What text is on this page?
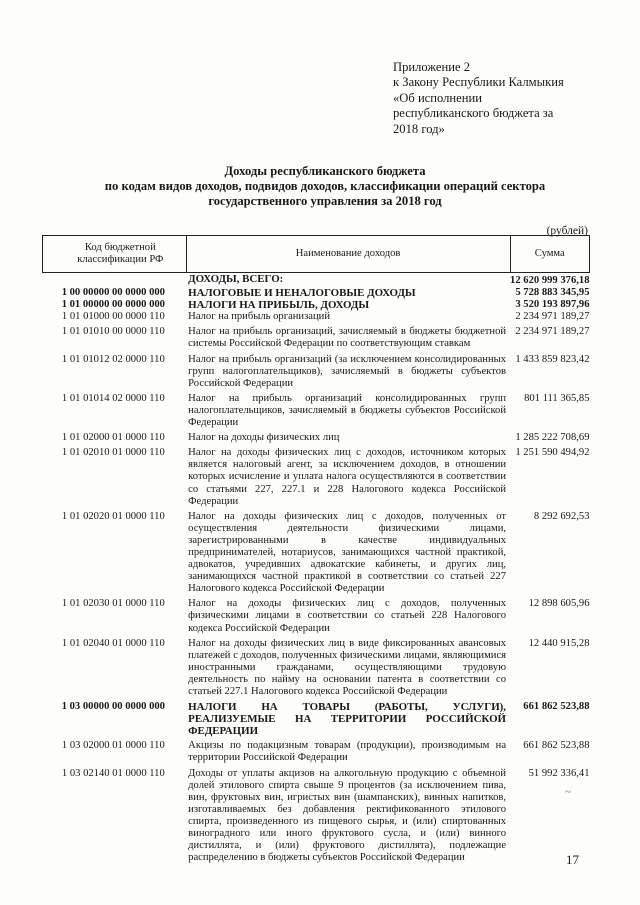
Приложение 2
к Закону Республики Калмыкия
«Об исполнении
республиканского бюджета за
2018 год»
Доходы республиканского бюджета
по кодам видов доходов, подвидов доходов, классификации операций сектора
государственного управления за 2018 год
(рублей)
Код бюджетной классификации РФ	Наименование доходов	Сумма
	ДОХОДЫ, ВСЕГО:	12 620 999 376,18
1 00 00000 00 0000 000	НАЛОГОВЫЕ И НЕНАЛОГОВЫЕ ДОХОДЫ	5 728 883 345,95
1 01 00000 00 0000 000	НАЛОГИ НА ПРИБЫЛЬ, ДОХОДЫ	3 520 193 897,96
1 01 01000 00 0000 110	Налог на прибыль организаций	2 234 971 189,27
1 01 01010 00 0000 110	Налог на прибыль организаций, зачисляемый в бюджеты бюджетной системы Российской Федерации по соответствующим ставкам	2 234 971 189,27
1 01 01012 02 0000 110	Налог на прибыль организаций (за исключением консолидированных групп налогоплательщиков), зачисляемый в бюджеты субъектов Российской Федерации	1 433 859 823,42
1 01 01014 02 0000 110	Налог на прибыль организаций консолидированных групп налогоплательщиков, зачисляемый в бюджеты субъектов Российской Федерации	801 111 365,85
1 01 02000 01 0000 110	Налог на доходы физических лиц	1 285 222 708,69
1 01 02010 01 0000 110	Налог на доходы физических лиц с доходов, источником которых является налоговый агент, за исключением доходов, в отношении которых исчисление и уплата налога осуществляются в соответствии со статьями 227, 227.1 и 228 Налогового кодекса Российской Федерации	1 251 590 494,92
1 01 02020 01 0000 110	Налог на доходы физических лиц с доходов, полученных от осуществления деятельности физическими лицами, зарегистрированными в качестве индивидуальных предпринимателей, нотариусов, занимающихся частной практикой, адвокатов, учредивших адвокатские кабинеты, и других лиц, занимающихся частной практикой в соответствии со статьей 227 Налогового кодекса Российской Федерации	8 292 692,53
1 01 02030 01 0000 110	Налог на доходы физических лиц с доходов, полученных физическими лицами в соответствии со статьей 228 Налогового кодекса Российской Федерации	12 898 605,96
1 01 02040 01 0000 110	Налог на доходы физических лиц в виде фиксированных авансовых платежей с доходов, полученных физическими лицами, являющимися иностранными гражданами, осуществляющими трудовую деятельность по найму на основании патента в соответствии со статьей 227.1 Налогового кодекса Российской Федерации	12 440 915,28
1 03 00000 00 0000 000	НАЛОГИ НА ТОВАРЫ (РАБОТЫ, УСЛУГИ), РЕАЛИЗУЕМЫЕ НА ТЕРРИТОРИИ РОССИЙСКОЙ ФЕДЕРАЦИИ	661 862 523,88
1 03 02000 01 0000 110	Акцизы по подакцизным товарам (продукции), производимым на территории Российской Федерации	661 862 523,88
1 03 02140 01 0000 110	Доходы от уплаты акцизов на алкогольную продукцию с объемной долей этилового спирта свыше 9 процентов (за исключением пива, вин, фруктовых вин, игристых вин (шампанских), винных напитков, изготавливаемых без добавления ректификованного этилового спирта, произведенного из пищевого сырья, и (или) спиртованных виноградного или иного фруктового сусла, и (или) винного дистиллята, и (или) фруктового дистиллята), подлежащие распределению в бюджеты субъектов Российской Федерации	51 992 336,41
~
17
